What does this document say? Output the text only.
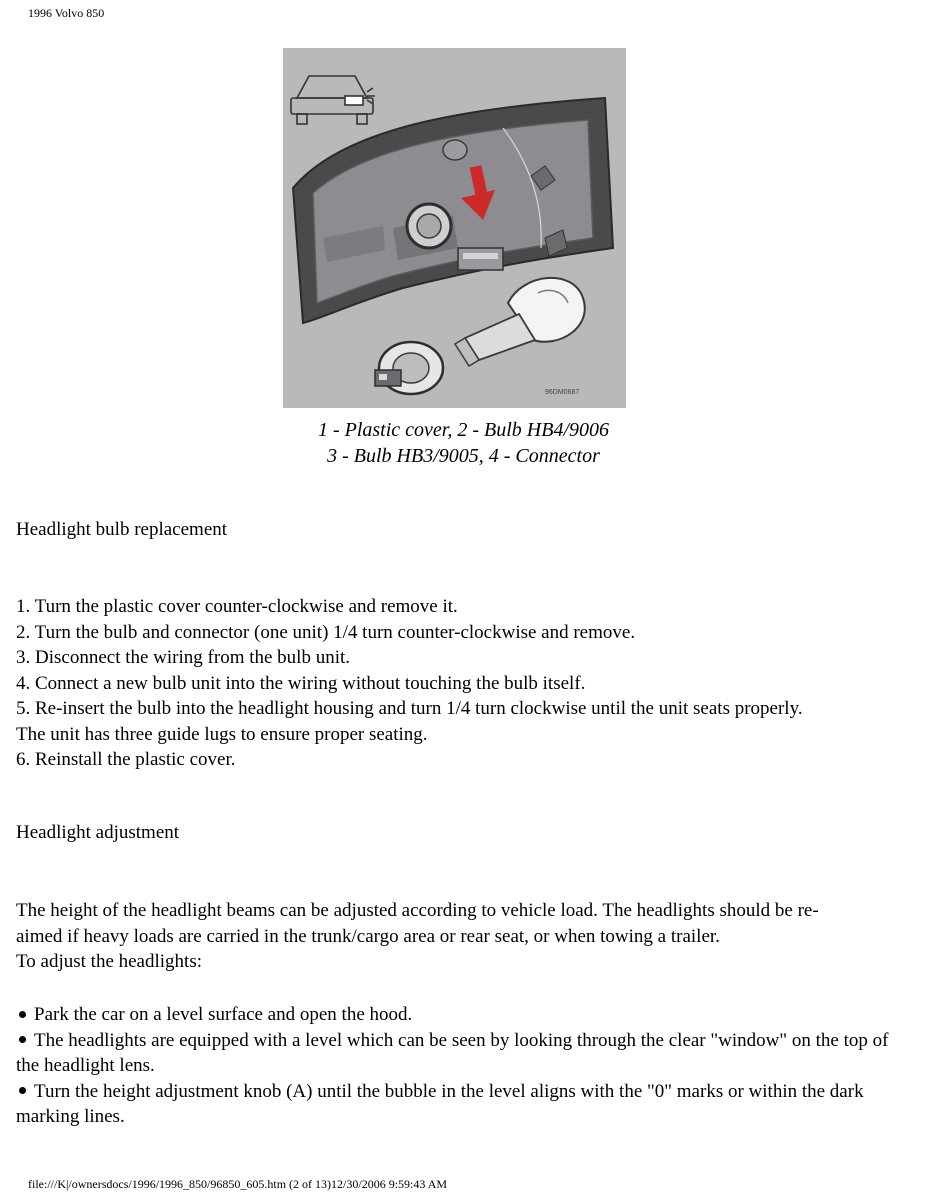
1996 Volvo 850
96DM0687
1 - Plastic cover, 2 - Bulb HB4/9006
3 - Bulb HB3/9005, 4 - Connector
Headlight bulb replacement
1. Turn the plastic cover counter-clockwise and remove it.
2. Turn the bulb and connector (one unit) 1/4 turn counter-clockwise and remove.
3. Disconnect the wiring from the bulb unit.
4. Connect a new bulb unit into the wiring without touching the bulb itself.
5. Re-insert the bulb into the headlight housing and turn 1/4 turn clockwise until the unit seats properly.
The unit has three guide lugs to ensure proper seating.
6. Reinstall the plastic cover.
Headlight adjustment
The height of the headlight beams can be adjusted according to vehicle load. The headlights should be re-
aimed if heavy loads are carried in the trunk/cargo area or rear seat, or when towing a trailer.
To adjust the headlights:
Park the car on a level surface and open the hood.
The headlights are equipped with a level which can be seen by looking through the clear "window" on the top of the headlight lens.
Turn the height adjustment knob (A) until the bubble in the level aligns with the "0" marks or within the dark marking lines.
file:///K|/ownersdocs/1996/1996_850/96850_605.htm (2 of 13)12/30/2006 9:59:43 AM
